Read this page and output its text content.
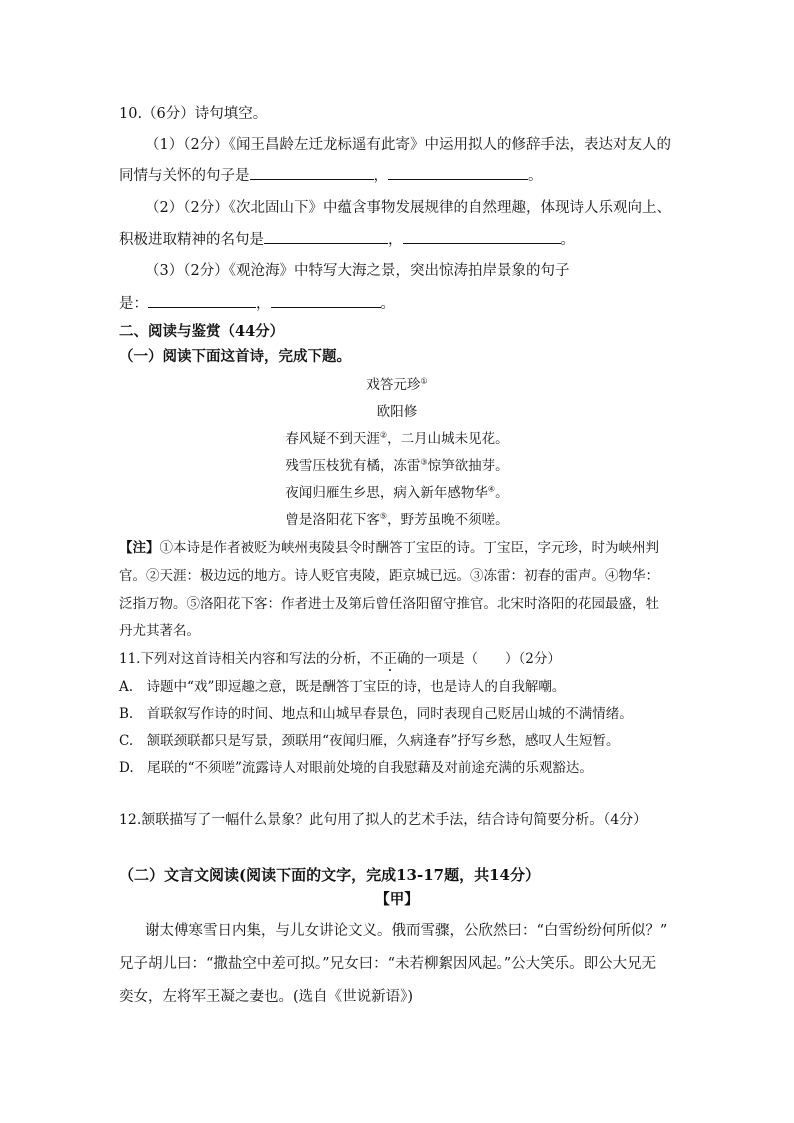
10.（6分）诗句填空。
（1）（2分）《闻王昌龄左迁龙标遥有此寄》中运用拟人的修辞手法，表达对友人的
同情与关怀的句子是	，	。
（2）（2分）《次北固山下》中蕴含事物发展规律的自然理趣，体现诗人乐观向上、
积极进取精神的名句是	，	。
（3）（2分）《观沧海》中特写大海之景，突出惊涛拍岸景象的句子
是：	，	。
二、阅读与鉴赏（44分）
（一）阅读下面这首诗，完成下题。
戏答元珍①
欧阳修
春风疑不到天涯②，二月山城未见花。
残雪压枝犹有橘，冻雷③惊笋欲抽芽。
夜闻归雁生乡思，病入新年感物华④。
曾是洛阳花下客⑤，野芳虽晚不须嗟。
【注】①本诗是作者被贬为峡州夷陵县令时酬答丁宝臣的诗。丁宝臣，字元珍，时为峡州判
官。②天涯：极边远的地方。诗人贬官夷陵，距京城已远。③冻雷：初春的雷声。④物华：
泛指万物。⑤洛阳花下客：作者进士及第后曾任洛阳留守推官。北宋时洛阳的花园最盛，牡
丹尤其著名。
11.下列对这首诗相关内容和写法的分析，不正确的一项是（　　）（2分）
A.　诗题中“戏”即逗趣之意，既是酬答丁宝臣的诗，也是诗人的自我解嘲。
B.　首联叙写作诗的时间、地点和山城早春景色，同时表现自己贬居山城的不满情绪。
C.　颔联颈联都只是写景，颈联用“夜闻归雁，久病逢春”抒写乡愁，感叹人生短暂。
D.　尾联的“不须嗟”流露诗人对眼前处境的自我慰藉及对前途充满的乐观豁达。
12.颔联描写了一幅什么景象？此句用了拟人的艺术手法，结合诗句简要分析。（4分）
（二）文言文阅读(阅读下面的文字，完成13-17题，共14分）
【甲】
谢太傅寒雪日内集，与儿女讲论文义。俄而雪骤，公欣然曰：“白雪纷纷何所似？”
兄子胡儿曰：“撒盐空中差可拟。”兄女曰：“未若柳絮因风起。”公大笑乐。即公大兄无
奕女，左将军王凝之妻也。(选自《世说新语》)
